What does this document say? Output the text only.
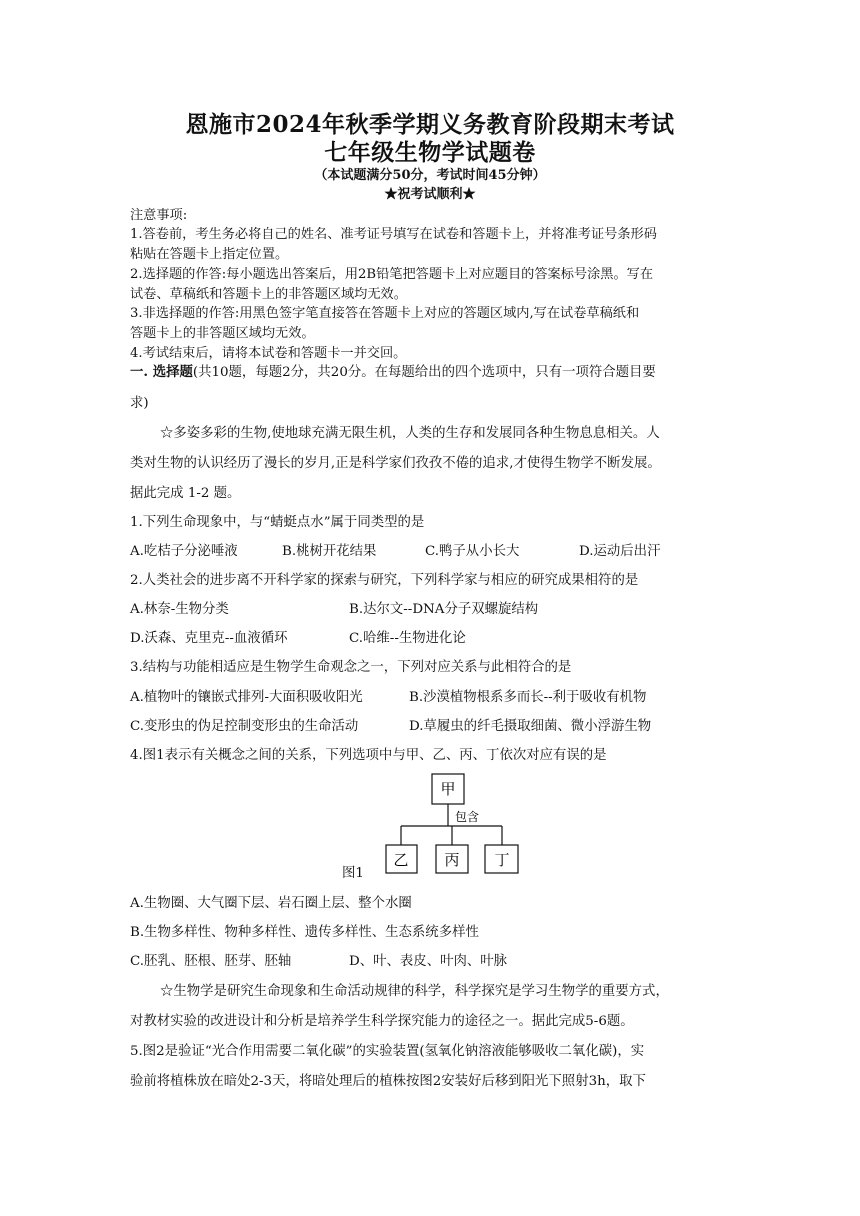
恩施市2024年秋季学期义务教育阶段期末考试
七年级生物学试题卷
（本试题满分50分，考试时间45分钟）
★祝考试顺利★
注意事项:
1.答卷前，考生务必将自己的姓名、准考证号填写在试卷和答题卡上，并将准考证号条形码
粘贴在答题卡上指定位置。
2.选择题的作答:每小题选出答案后，用2B铅笔把答题卡上对应题目的答案标号涂黑。写在
试卷、草稿纸和答题卡上的非答题区域均无效。
3.非选择题的作答:用黑色签字笔直接答在答题卡上对应的答题区域内,写在试卷草稿纸和
答题卡上的非答题区域均无效。
4.考试结束后，请将本试卷和答题卡一并交回。
一. 选择题(共10题，每题2分，共20分。在每题给出的四个选项中，只有一项符合题目要
求)
☆多姿多彩的生物,使地球充满无限生机，人类的生存和发展同各种生物息息相关。人
类对生物的认识经历了漫长的岁月,正是科学家们孜孜不倦的追求,才使得生物学不断发展。
据此完成 1-2 题。
1.下列生命现象中，与“蜻蜓点水”属于同类型的是
A.吃桔子分泌唾液	B.桃树开花结果	C.鸭子从小长大	D.运动后出汗
2.人类社会的进步离不开科学家的探索与研究，下列科学家与相应的研究成果相符的是
A.林奈-生物分类	B.达尔文--DNA分子双螺旋结构
D.沃森、克里克--血液循环	C.哈维--生物进化论
3.结构与功能相适应是生物学生命观念之一，下列对应关系与此相符合的是
A.植物叶的镶嵌式排列-大面积吸收阳光	B.沙漠植物根系多而长--利于吸收有机物
C.变形虫的伪足控制变形虫的生命活动	D.草履虫的纤毛摄取细菌、微小浮游生物
4.图1表示有关概念之间的关系，下列选项中与甲、乙、丙、丁依次对应有误的是
甲
包含
乙 丙 丁
图1
A.生物圈、大气圈下层、岩石圈上层、整个水圈
B.生物多样性、物种多样性、遗传多样性、生态系统多样性
C.胚乳、胚根、胚芽、胚轴	D、叶、表皮、叶肉、叶脉
☆生物学是研究生命现象和生命活动规律的科学，科学探究是学习生物学的重要方式，
对教材实验的改进设计和分析是培养学生科学探究能力的途径之一。据此完成5-6题。
5.图2是验证“光合作用需要二氧化碳”的实验装置(氢氧化钠溶液能够吸收二氧化碳)，实
验前将植株放在暗处2-3天，将暗处理后的植株按图2安装好后移到阳光下照射3h，取下
